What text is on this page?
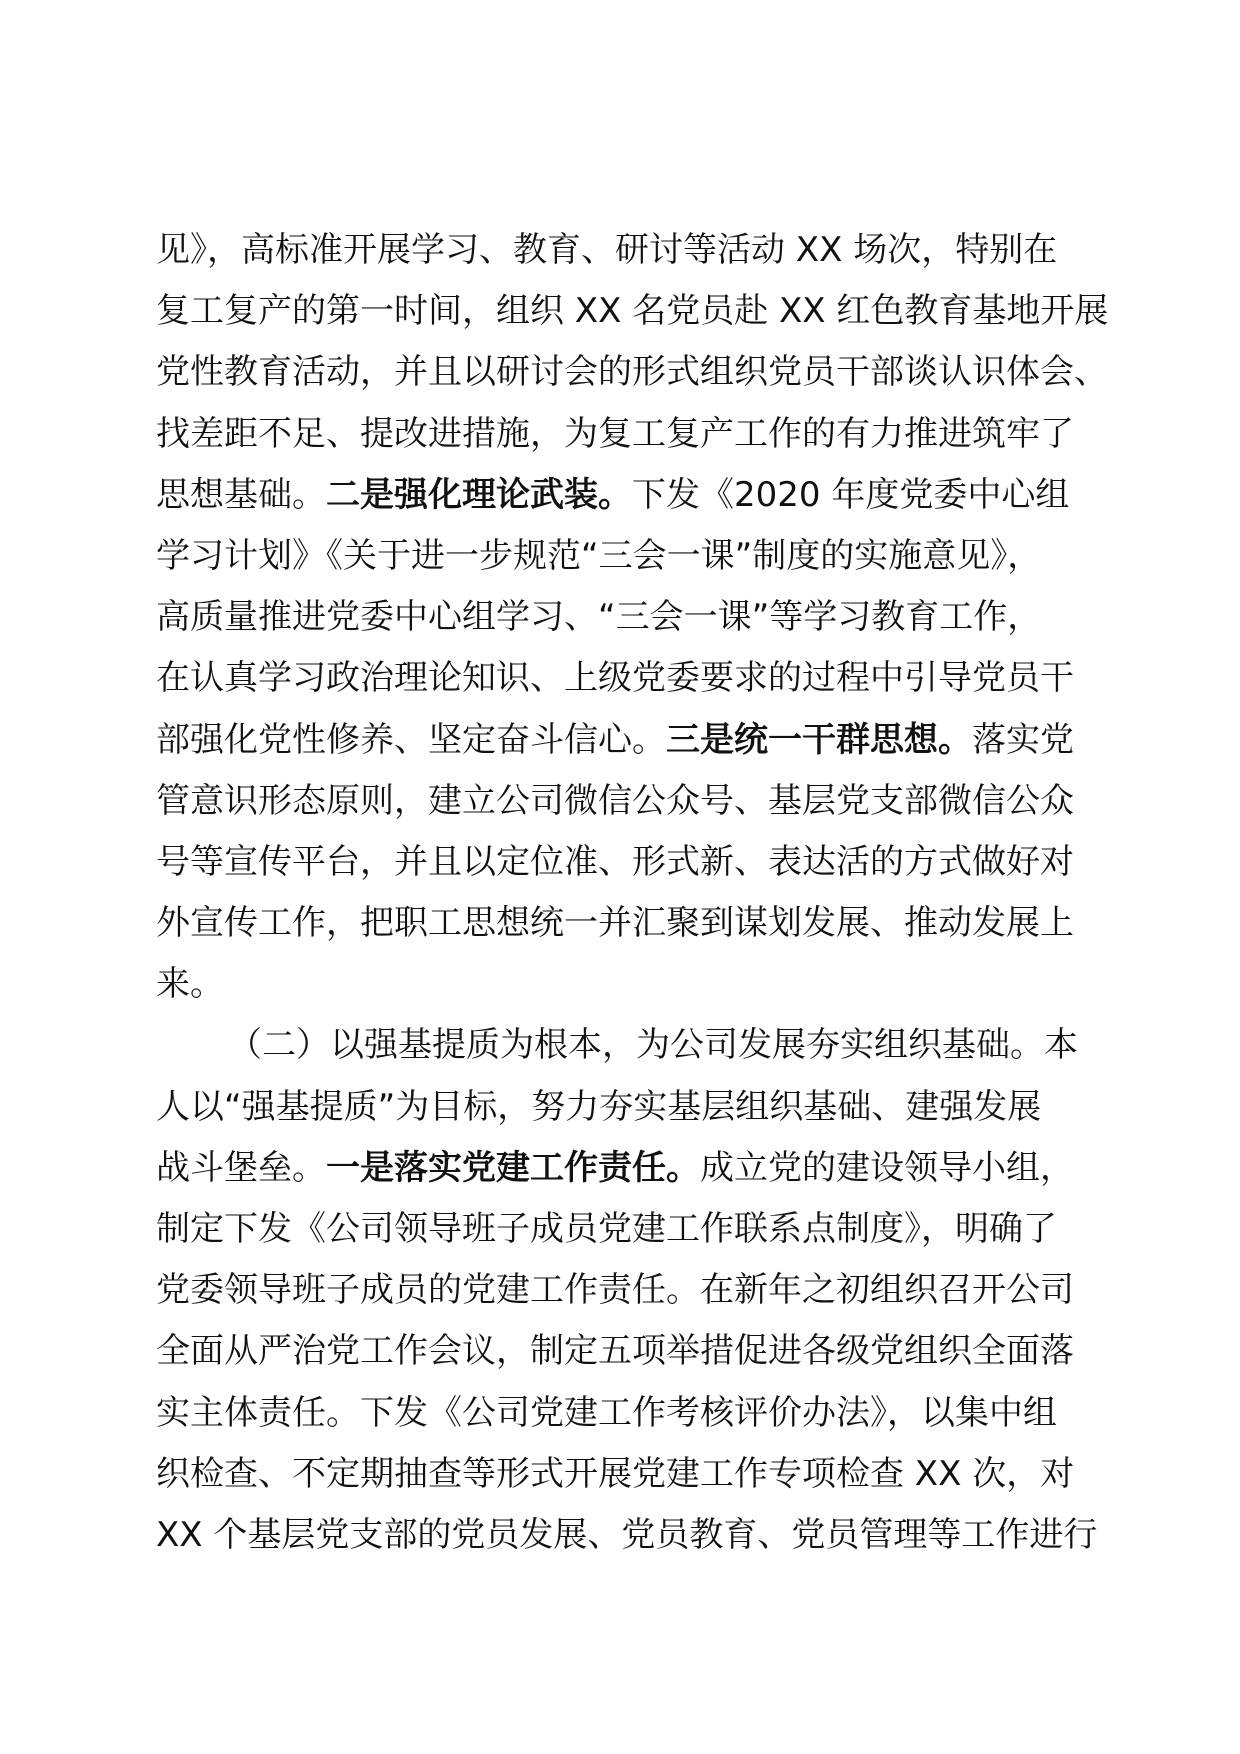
见》，高标准开展学习、教育、研讨等活动 XX 场次，特别在
复工复产的第一时间，组织 XX 名党员赴 XX 红色教育基地开展
党性教育活动，并且以研讨会的形式组织党员干部谈认识体会、
找差距不足、提改进措施，为复工复产工作的有力推进筑牢了
思想基础。二是强化理论武装。下发《2020 年度党委中心组
学习计划》《关于进一步规范“三会一课”制度的实施意见》，
高质量推进党委中心组学习、“三会一课”等学习教育工作，
在认真学习政治理论知识、上级党委要求的过程中引导党员干
部强化党性修养、坚定奋斗信心。三是统一干群思想。落实党
管意识形态原则，建立公司微信公众号、基层党支部微信公众
号等宣传平台，并且以定位准、形式新、表达活的方式做好对
外宣传工作，把职工思想统一并汇聚到谋划发展、推动发展上
来。
（二）以强基提质为根本，为公司发展夯实组织基础。本
人以“强基提质”为目标，努力夯实基层组织基础、建强发展
战斗堡垒。一是落实党建工作责任。成立党的建设领导小组，
制定下发《公司领导班子成员党建工作联系点制度》，明确了
党委领导班子成员的党建工作责任。在新年之初组织召开公司
全面从严治党工作会议，制定五项举措促进各级党组织全面落
实主体责任。下发《公司党建工作考核评价办法》，以集中组
织检查、不定期抽查等形式开展党建工作专项检查 XX 次，对
XX 个基层党支部的党员发展、党员教育、党员管理等工作进行
